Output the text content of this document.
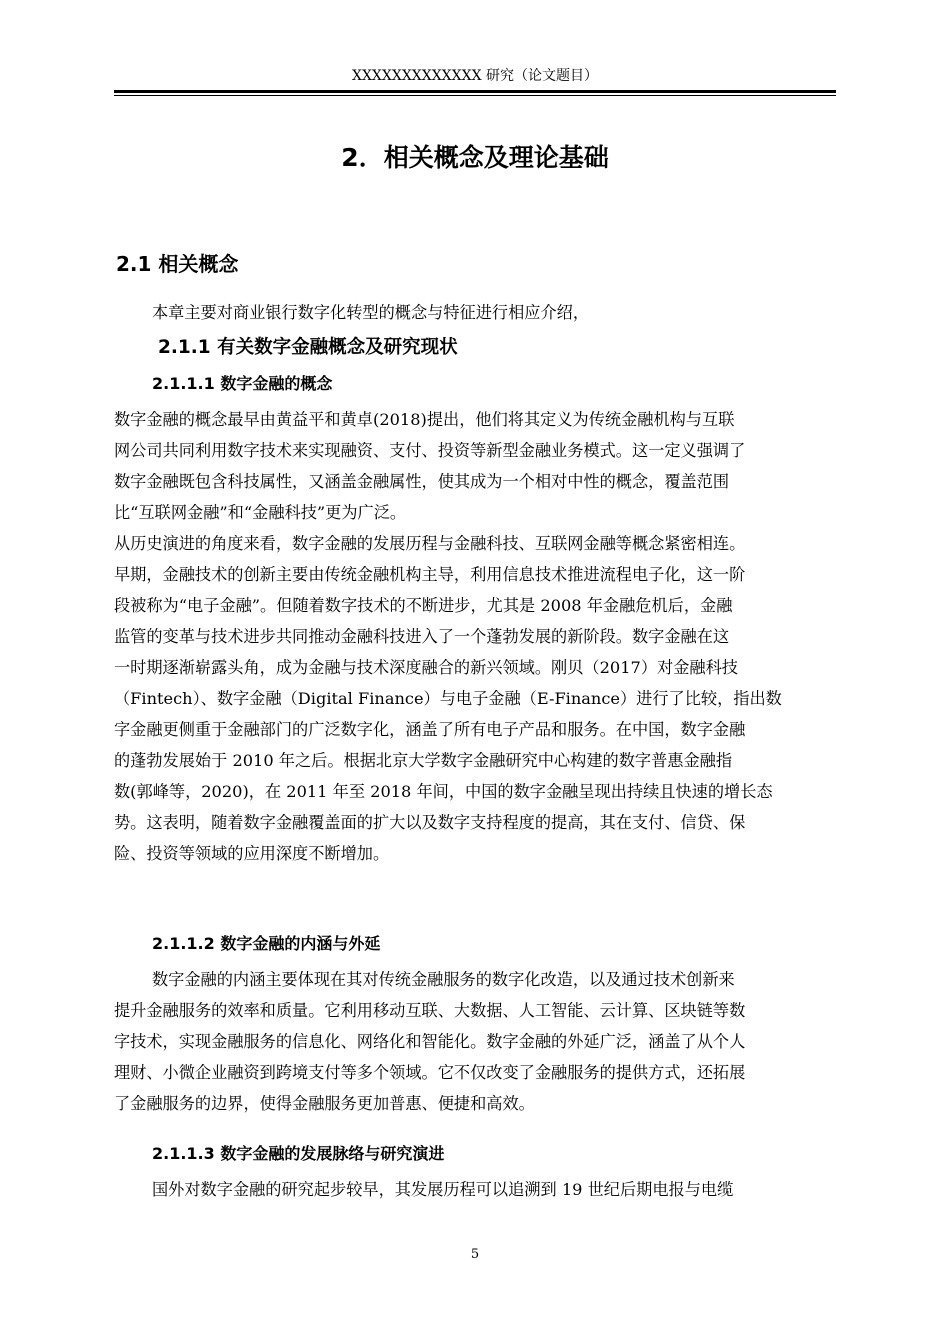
XXXXXXXXXXXXX 研究（论文题目）
2．相关概念及理论基础
2.1 相关概念
本章主要对商业银行数字化转型的概念与特征进行相应介绍，
2.1.1 有关数字金融概念及研究现状
2.1.1.1 数字金融的概念
数字金融的概念最早由黄益平和黄卓(2018)提出，他们将其定义为传统金融机构与互联
网公司共同利用数字技术来实现融资、支付、投资等新型金融业务模式。这一定义强调了
数字金融既包含科技属性，又涵盖金融属性，使其成为一个相对中性的概念，覆盖范围
比“互联网金融”和“金融科技”更为广泛。
从历史演进的角度来看，数字金融的发展历程与金融科技、互联网金融等概念紧密相连。
早期，金融技术的创新主要由传统金融机构主导，利用信息技术推进流程电子化，这一阶
段被称为“电子金融”。但随着数字技术的不断进步，尤其是 2008 年金融危机后，金融
监管的变革与技术进步共同推动金融科技进入了一个蓬勃发展的新阶段。数字金融在这
一时期逐渐崭露头角，成为金融与技术深度融合的新兴领域。刚贝（2017）对金融科技
（Fintech）、数字金融（Digital Finance）与电子金融（E-Finance）进行了比较，指出数
字金融更侧重于金融部门的广泛数字化，涵盖了所有电子产品和服务。在中国，数字金融
的蓬勃发展始于 2010 年之后。根据北京大学数字金融研究中心构建的数字普惠金融指
数(郭峰等，2020)，在 2011 年至 2018 年间，中国的数字金融呈现出持续且快速的增长态
势。这表明，随着数字金融覆盖面的扩大以及数字支持程度的提高，其在支付、信贷、保
险、投资等领域的应用深度不断增加。
2.1.1.2 数字金融的内涵与外延
数字金融的内涵主要体现在其对传统金融服务的数字化改造，以及通过技术创新来
提升金融服务的效率和质量。它利用移动互联、大数据、人工智能、云计算、区块链等数
字技术，实现金融服务的信息化、网络化和智能化。数字金融的外延广泛，涵盖了从个人
理财、小微企业融资到跨境支付等多个领域。它不仅改变了金融服务的提供方式，还拓展
了金融服务的边界，使得金融服务更加普惠、便捷和高效。
2.1.1.3 数字金融的发展脉络与研究演进
国外对数字金融的研究起步较早，其发展历程可以追溯到 19 世纪后期电报与电缆
5
